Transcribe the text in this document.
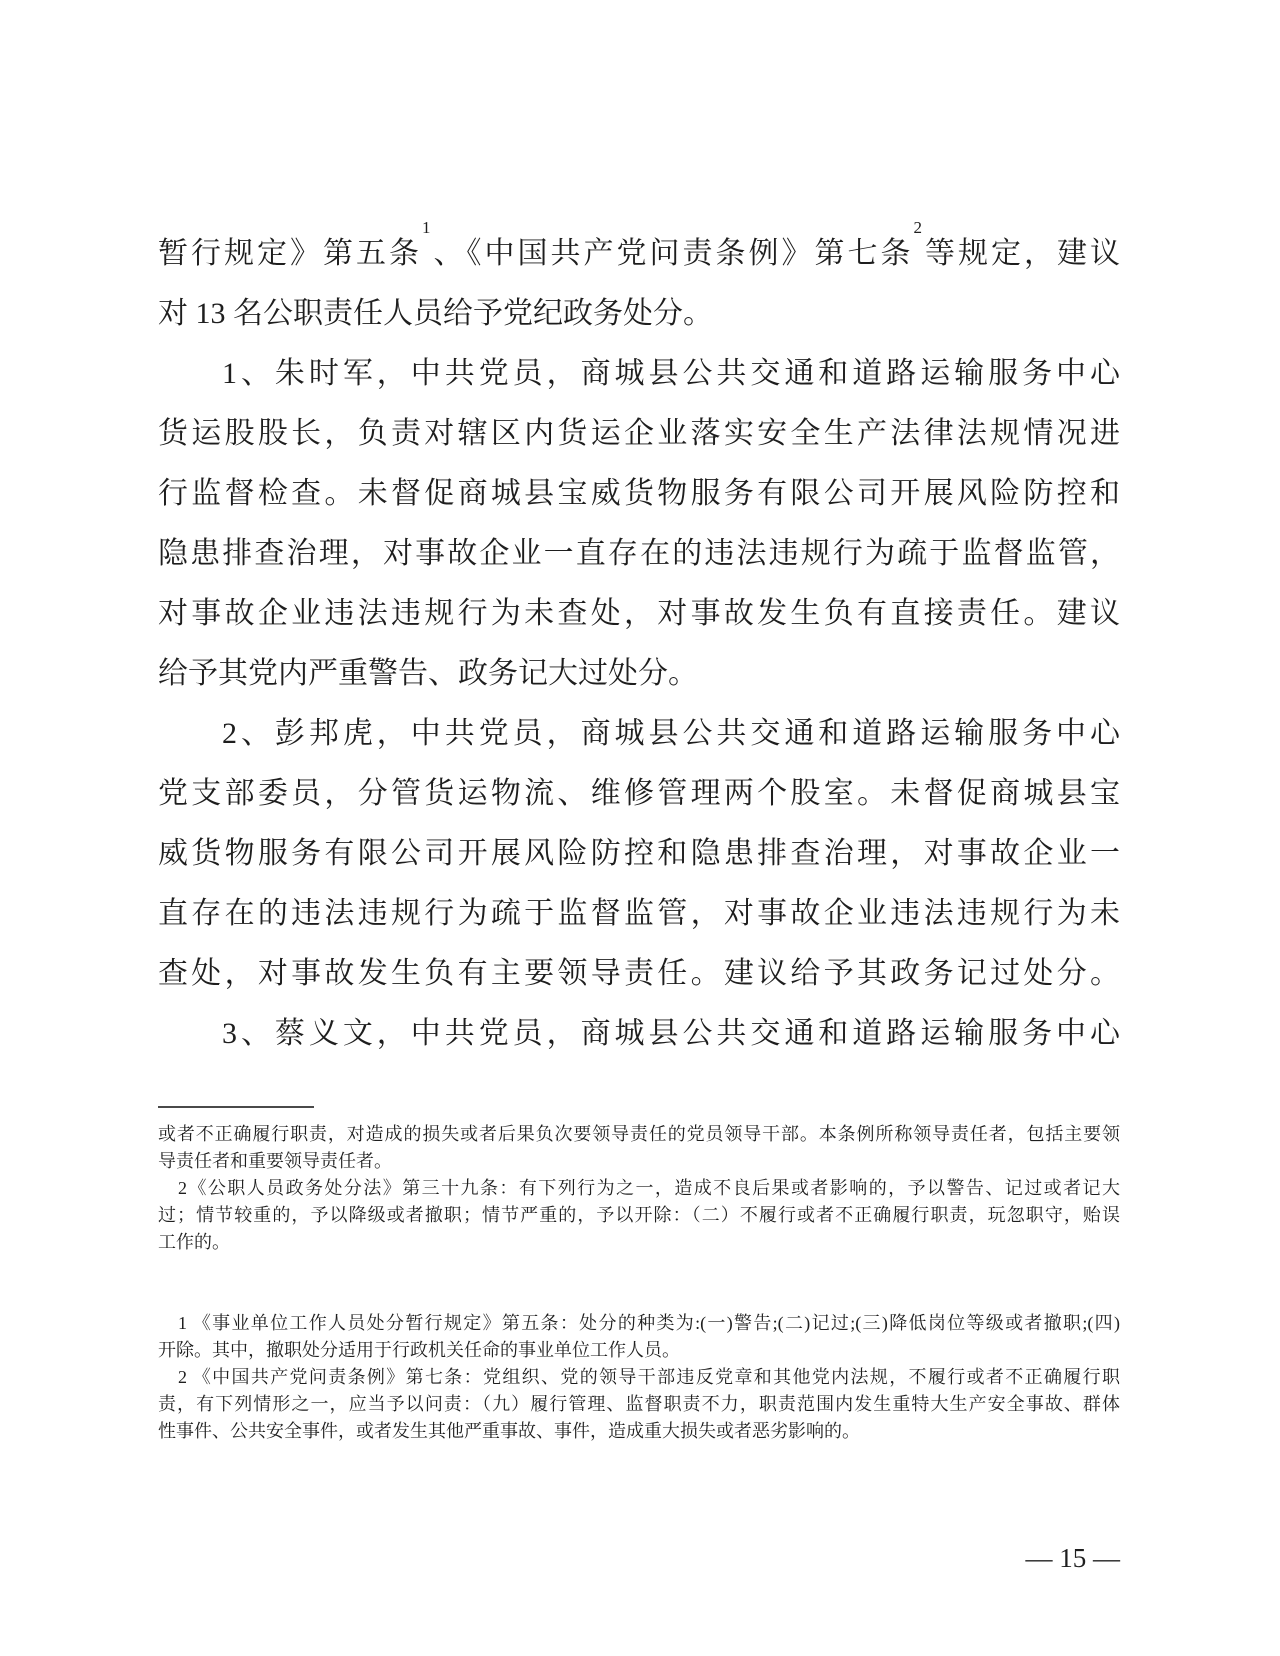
暂行规定》第五条$^1$、《中国共产党问责条例》第七条$^2$等规定，建议
对 13 名公职责任人员给予党纪政务处分。
1、朱时军，中共党员，商城县公共交通和道路运输服务中心
货运股股长，负责对辖区内货运企业落实安全生产法律法规情况进
行监督检查。未督促商城县宝威货物服务有限公司开展风险防控和
隐患排查治理，对事故企业一直存在的违法违规行为疏于监督监管，
对事故企业违法违规行为未查处，对事故发生负有直接责任。建议
给予其党内严重警告、政务记大过处分。
2、彭邦虎，中共党员，商城县公共交通和道路运输服务中心
党支部委员，分管货运物流、维修管理两个股室。未督促商城县宝
威货物服务有限公司开展风险防控和隐患排查治理，对事故企业一
直存在的违法违规行为疏于监督监管，对事故企业违法违规行为未
查处，对事故发生负有主要领导责任。建议给予其政务记过处分。
3、蔡义文，中共党员，商城县公共交通和道路运输服务中心
或者不正确履行职责，对造成的损失或者后果负次要领导责任的党员领导干部。本条例所称领导责任者，包括主要领
导责任者和重要领导责任者。
2《公职人员政务处分法》第三十九条：有下列行为之一，造成不良后果或者影响的，予以警告、记过或者记大
过；情节较重的，予以降级或者撤职；情节严重的，予以开除：（二）不履行或者不正确履行职责，玩忽职守，贻误
工作的。
1 《事业单位工作人员处分暂行规定》第五条：处分的种类为:(一)警告;(二)记过;(三)降低岗位等级或者撤职;(四)
开除。其中，撤职处分适用于行政机关任命的事业单位工作人员。
2 《中国共产党问责条例》第七条：党组织、党的领导干部违反党章和其他党内法规，不履行或者不正确履行职
责，有下列情形之一，应当予以问责：（九）履行管理、监督职责不力，职责范围内发生重特大生产安全事故、群体
性事件、公共安全事件，或者发生其他严重事故、事件，造成重大损失或者恶劣影响的。
— 15 —
